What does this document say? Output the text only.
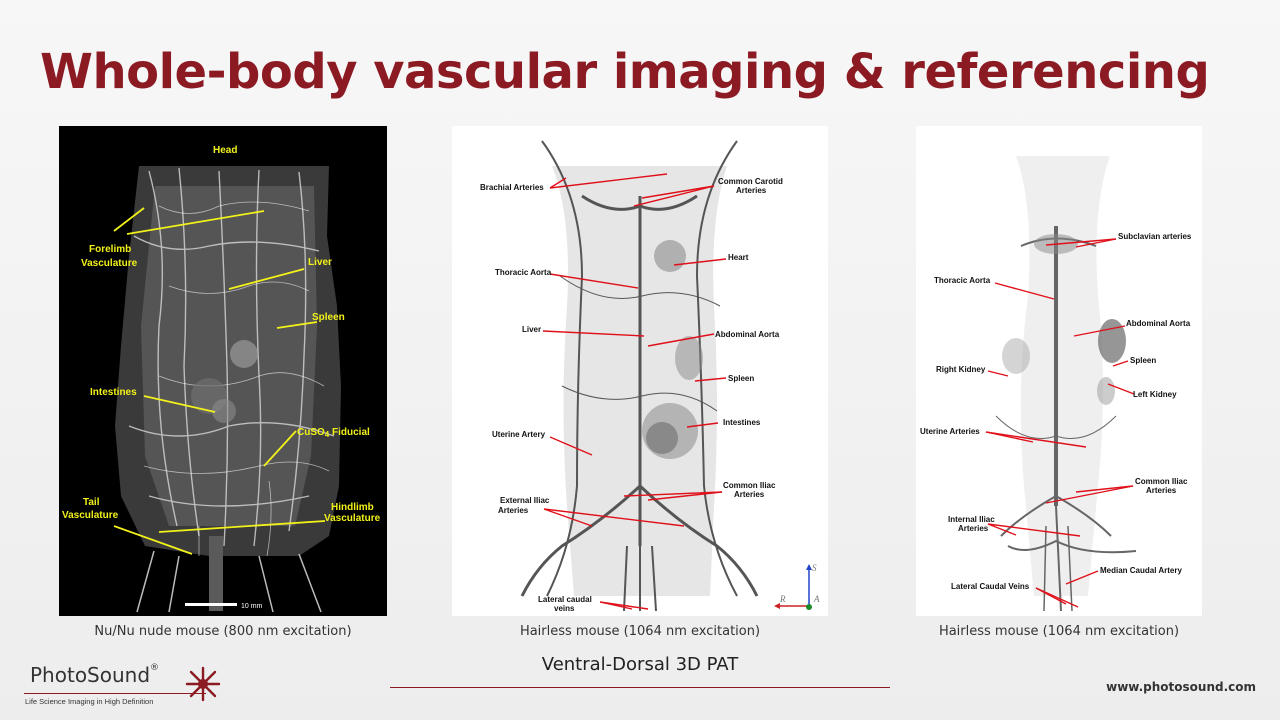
Whole-body vascular imaging & referencing
Head
Forelimb
Vasculature	Liver
Spleen
Intestines
CuSO$_4$ Fiducial
Tail
Vasculature
Hindlimb
Vasculature
10 mm
Brachial Arteries
Common Carotid
Arteries
Heart
Thoracic Aorta
Liver
Abdominal Aorta
Spleen
Intestines
Uterine Artery
Common Iliac
Arteries
External Iliac
Arteries
Lateral caudal
veins
S
R	A
Subclavian arteries
Thoracic Aorta
Abdominal Aorta
Spleen
Right Kidney
Left Kidney
Uterine Arteries
Common Iliac
Arteries
Internal Iliac
Arteries
Median Caudal Artery
Lateral Caudal Veins
Nu/Nu nude mouse (800 nm excitation)	Hairless mouse (1064 nm excitation)	Hairless mouse (1064 nm excitation)
Ventral-Dorsal 3D PAT
PhotoSound®
Life Science Imaging in High Definition
www.photosound.com
